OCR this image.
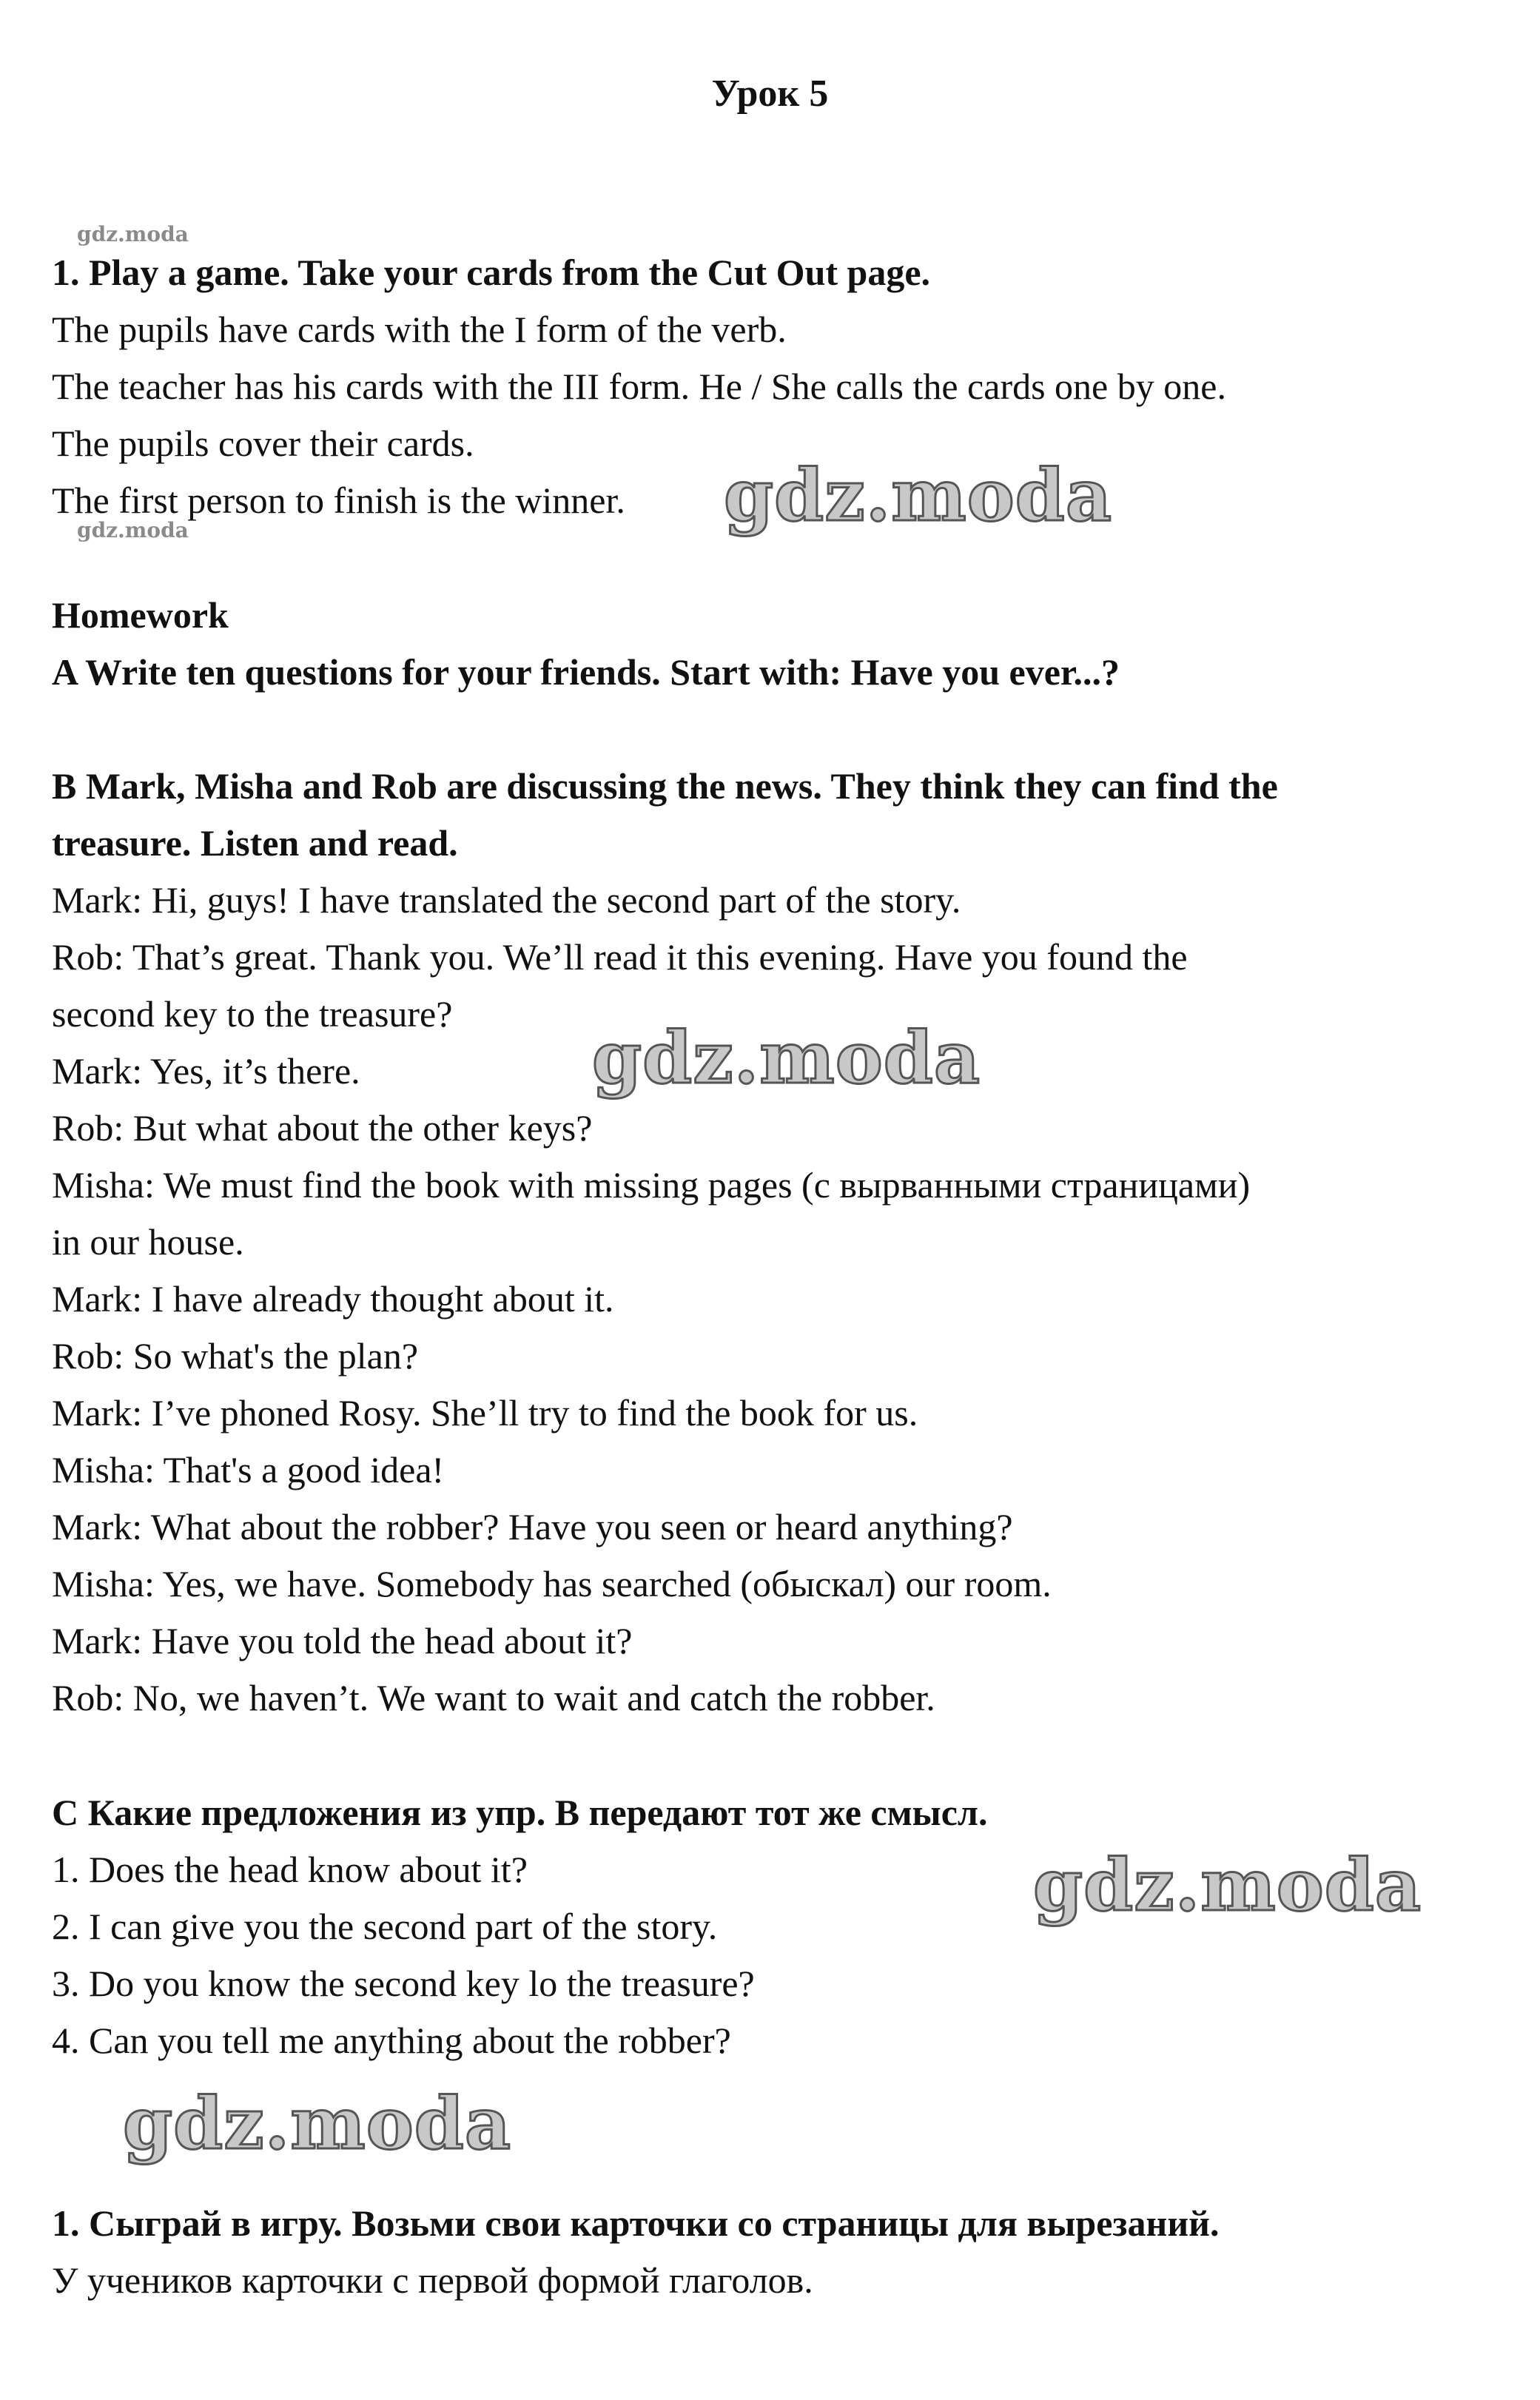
Урок 5
gdz.moda
gdz.moda

1. Play a game. Take your cards from the Cut Out page.

The pupils have cards with the I form of the verb.

The teacher has his cards with the III form. He / She calls the cards one by one.

The pupils cover their cards.

The first person to finish is the winner.

Homework

A Write ten questions for your friends. Start with: Have you ever...?

B Mark, Misha and Rob are discussing the news. They think they can find the

treasure. Listen and read.

Mark: Hi, guys! I have translated the second part of the story.

Rob: That’s great. Thank you. We’ll read it this evening. Have you found the

second key to the treasure?

Mark: Yes, it’s there.

Rob: But what about the other keys?

Misha: We must find the book with missing pages (с вырванными страницами)

in our house.

Mark: I have already thought about it.

Rob: So what's the plan?

Mark: I’ve phoned Rosy. She’ll try to find the book for us.

Misha: That's a good idea!

Mark: What about the robber? Have you seen or heard anything?

Misha: Yes, we have. Somebody has searched (обыскал) our room.

Mark: Have you told the head about it?

Rob: No, we haven’t. We want to wait and catch the robber.

С Какие предложения из упр. В передают тот же смысл.

1. Does the head know about it?

2. I can give you the second part of the story.

3. Do you know the second key lo the treasure?

4. Can you tell me anything about the robber?

1. Сыграй в игру. Возьми свои карточки со страницы для вырезаний.

У учеников карточки с первой формой глаголов.

gdz.moda
gdz.moda
gdz.moda
gdz.moda
